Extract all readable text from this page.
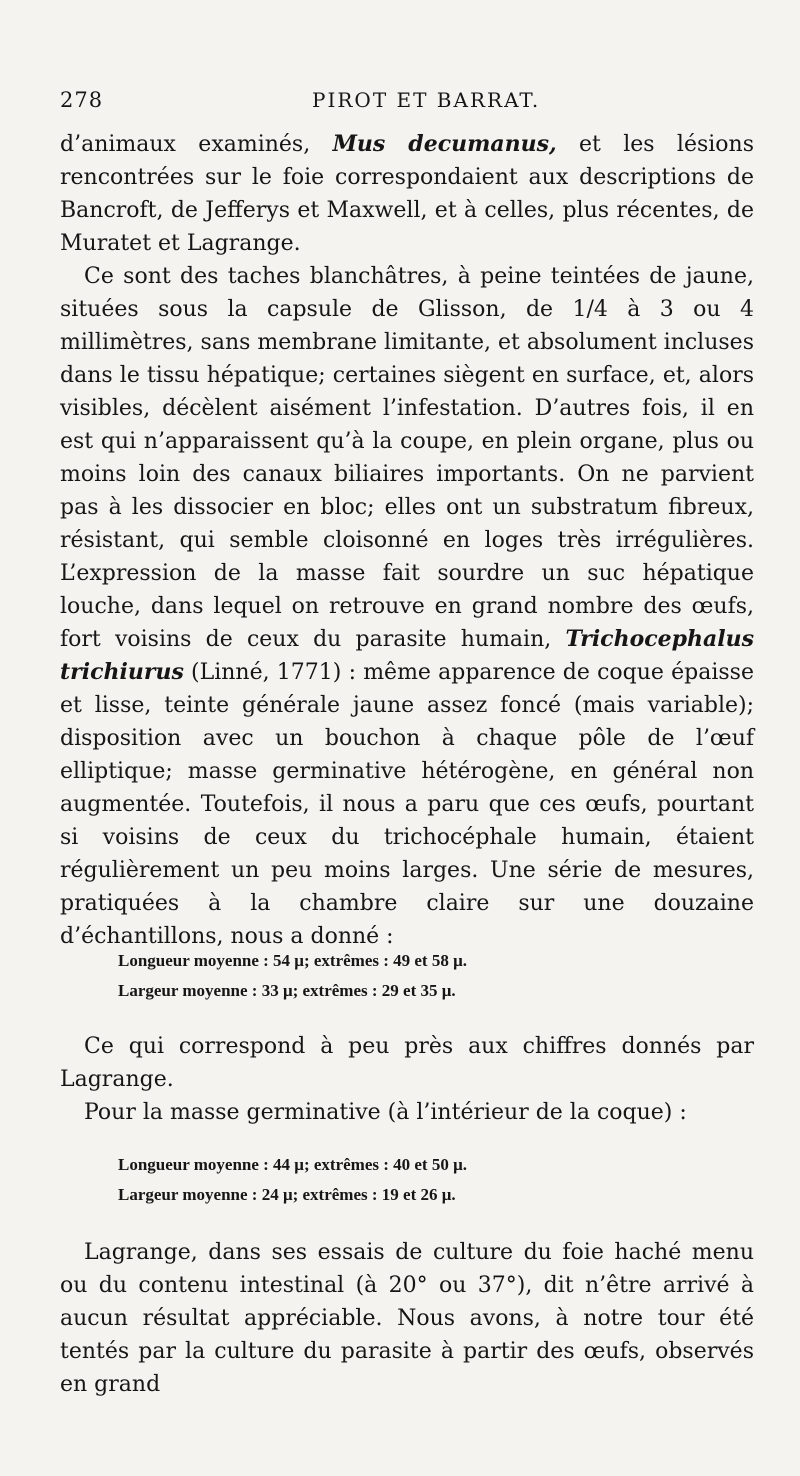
278	PIROT ET BARRAT.

d’animaux examinés, Mus decumanus, et les lésions rencontrées sur le foie correspondaient aux descriptions de Bancroft, de Jefferys et Maxwell, et à celles, plus récentes, de Muratet et Lagrange.

Ce sont des taches blanchâtres, à peine teintées de jaune, situées sous la capsule de Glisson, de 1/4 à 3 ou 4 millimètres, sans membrane limitante, et absolument incluses dans le tissu hépatique; certaines siègent en surface, et, alors visibles, décèlent aisément l’infestation. D’autres fois, il en est qui n’apparaissent qu’à la coupe, en plein organe, plus ou moins loin des canaux biliaires importants. On ne parvient pas à les dissocier en bloc; elles ont un substratum fibreux, résistant, qui semble cloisonné en loges très irrégulières. L’expression de la masse fait sourdre un suc hépatique louche, dans lequel on retrouve en grand nombre des œufs, fort voisins de ceux du parasite humain, Trichocephalus trichiurus (Linné, 1771) : même apparence de coque épaisse et lisse, teinte générale jaune assez foncé (mais variable); disposition avec un bouchon à chaque pôle de l’œuf elliptique; masse germinative hétérogène, en général non augmentée. Toutefois, il nous a paru que ces œufs, pourtant si voisins de ceux du trichocéphale humain, étaient régulièrement un peu moins larges. Une série de mesures, pratiquées à la chambre claire sur une douzaine d’échantillons, nous a donné :

Longueur moyenne : 54 μ; extrêmes : 49 et 58 μ.
Largeur moyenne : 33 μ; extrêmes : 29 et 35 μ.

Ce qui correspond à peu près aux chiffres donnés par Lagrange.

Pour la masse germinative (à l’intérieur de la coque) :

Longueur moyenne : 44 μ; extrêmes : 40 et 50 μ.
Largeur moyenne : 24 μ; extrêmes : 19 et 26 μ.

Lagrange, dans ses essais de culture du foie haché menu ou du contenu intestinal (à 20° ou 37°), dit n’être arrivé à aucun résultat appréciable. Nous avons, à notre tour été tentés par la culture du parasite à partir des œufs, observés en grand
